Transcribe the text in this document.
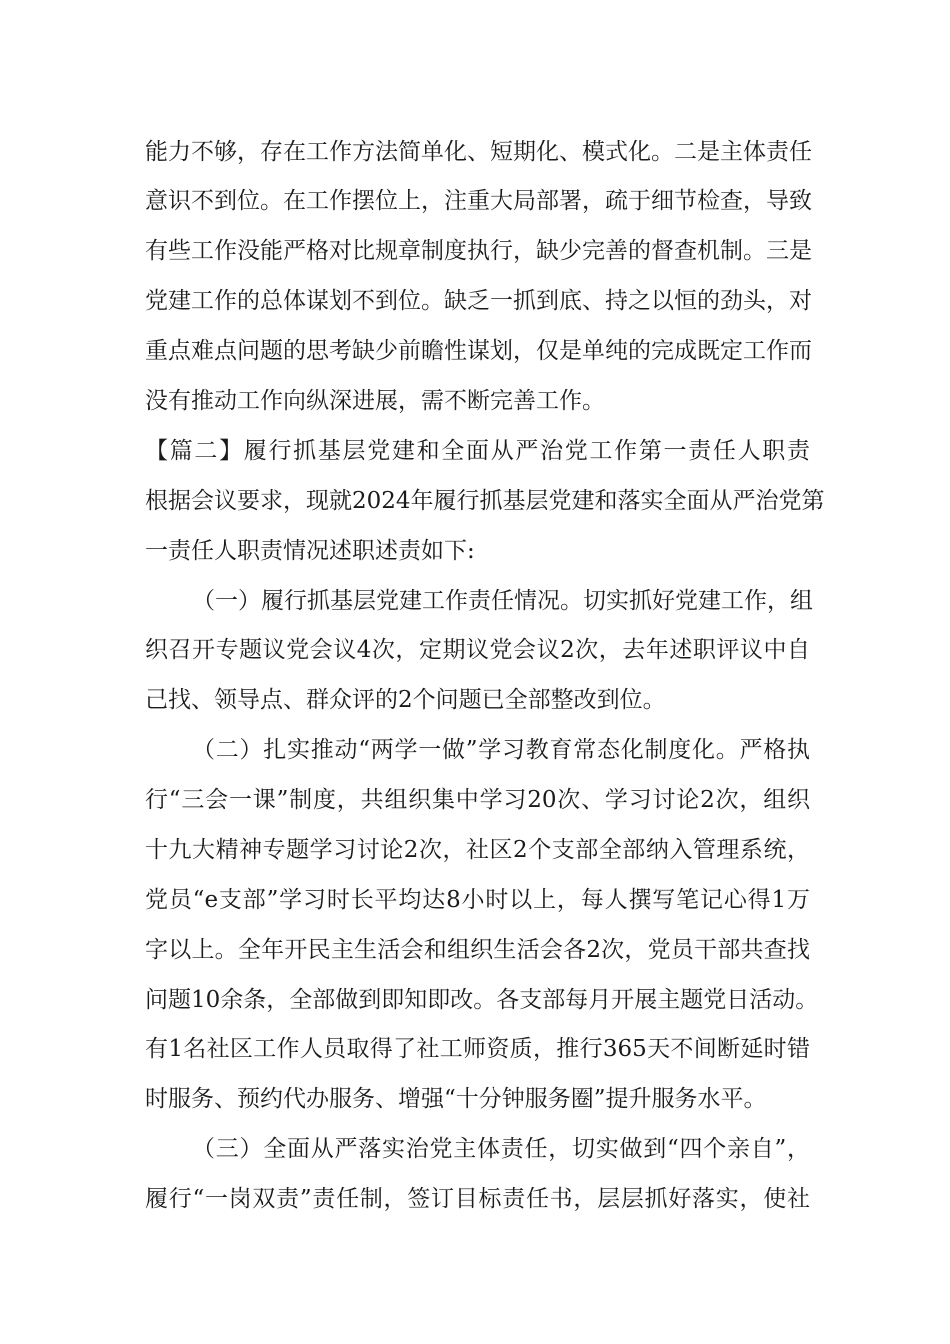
能力不够，存在工作方法简单化、短期化、模式化。二是主体责任
意识不到位。在工作摆位上，注重大局部署，疏于细节检查，导致
有些工作没能严格对比规章制度执行，缺少完善的督查机制。三是
党建工作的总体谋划不到位。缺乏一抓到底、持之以恒的劲头，对
重点难点问题的思考缺少前瞻性谋划，仅是单纯的完成既定工作而
没有推动工作向纵深进展，需不断完善工作。
【篇二】履行抓基层党建和全面从严治党工作第一责任人职责
根据会议要求，现就2024年履行抓基层党建和落实全面从严治党第
一责任人职责情况述职述责如下:
（一）履行抓基层党建工作责任情况。切实抓好党建工作，组
织召开专题议党会议4次，定期议党会议2次，去年述职评议中自
己找、领导点、群众评的2个问题已全部整改到位。
（二）扎实推动“两学一做”学习教育常态化制度化。严格执
行“三会一课”制度，共组织集中学习20次、学习讨论2次，组织
十九大精神专题学习讨论2次，社区2个支部全部纳入管理系统，
党员“e支部”学习时长平均达8小时以上，每人撰写笔记心得1万
字以上。全年开民主生活会和组织生活会各2次，党员干部共查找
问题10余条，全部做到即知即改。各支部每月开展主题党日活动。
有1名社区工作人员取得了社工师资质，推行365天不间断延时错
时服务、预约代办服务、增强“十分钟服务圈”提升服务水平。
（三）全面从严落实治党主体责任，切实做到“四个亲自”，
履行“一岗双责”责任制，签订目标责任书，层层抓好落实，使社
